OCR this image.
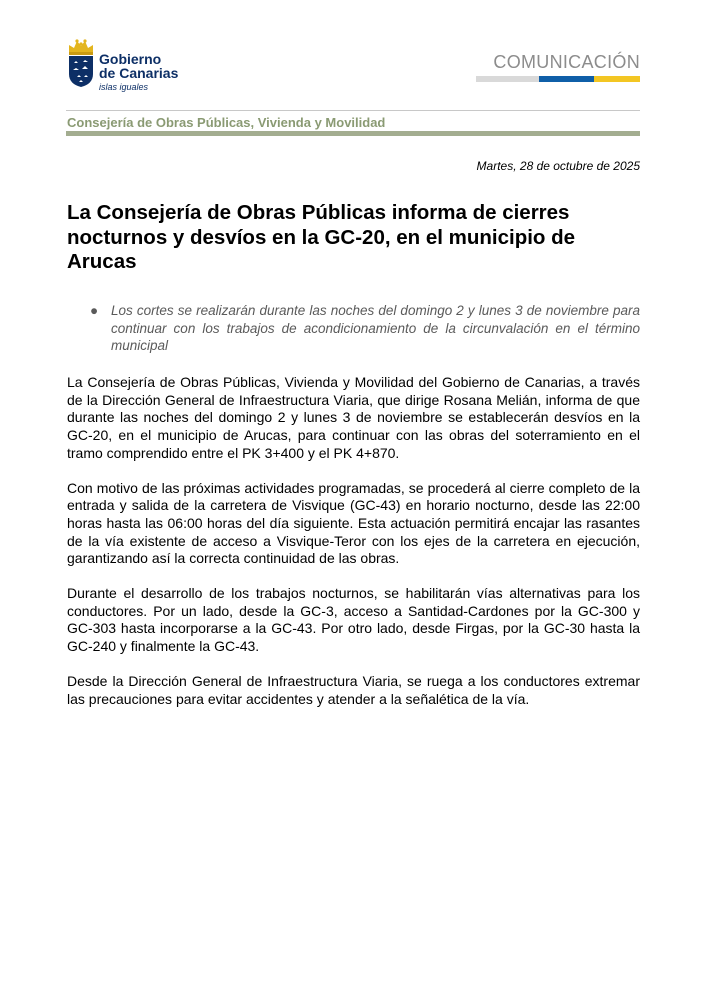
Gobierno
de Canarias
islas iguales
COMUNICACIÓN
Consejería de Obras Públicas, Vivienda y Movilidad
Martes, 28 de octubre de 2025
La Consejería de Obras Públicas informa de cierres nocturnos y desvíos en la GC-20, en el municipio de Arucas
● Los cortes se realizarán durante las noches del domingo 2 y lunes 3 de noviembre para continuar con los trabajos de acondicionamiento de la circunvalación en el término municipal

La Consejería de Obras Públicas, Vivienda y Movilidad del Gobierno de Canarias, a través de la Dirección General de Infraestructura Viaria, que dirige Rosana Melián, informa de que durante las noches del domingo 2 y lunes 3 de noviembre se establecerán desvíos en la GC-20, en el municipio de Arucas, para continuar con las obras del soterramiento en el tramo comprendido entre el PK 3+400 y el PK 4+870.

Con motivo de las próximas actividades programadas, se procederá al cierre completo de la entrada y salida de la carretera de Visvique (GC-43) en horario nocturno, desde las 22:00 horas hasta las 06:00 horas del día siguiente. Esta actuación permitirá encajar las rasantes de la vía existente de acceso a Visvique-Teror con los ejes de la carretera en ejecución, garantizando así la correcta continuidad de las obras.

Durante el desarrollo de los trabajos nocturnos, se habilitarán vías alternativas para los conductores. Por un lado, desde la GC-3, acceso a Santidad-Cardones por la GC-300 y GC-303 hasta incorporarse a la GC-43. Por otro lado, desde Firgas, por la GC-30 hasta la GC-240 y finalmente la GC-43.

Desde la Dirección General de Infraestructura Viaria, se ruega a los conductores extremar las precauciones para evitar accidentes y atender a la señalética de la vía.
